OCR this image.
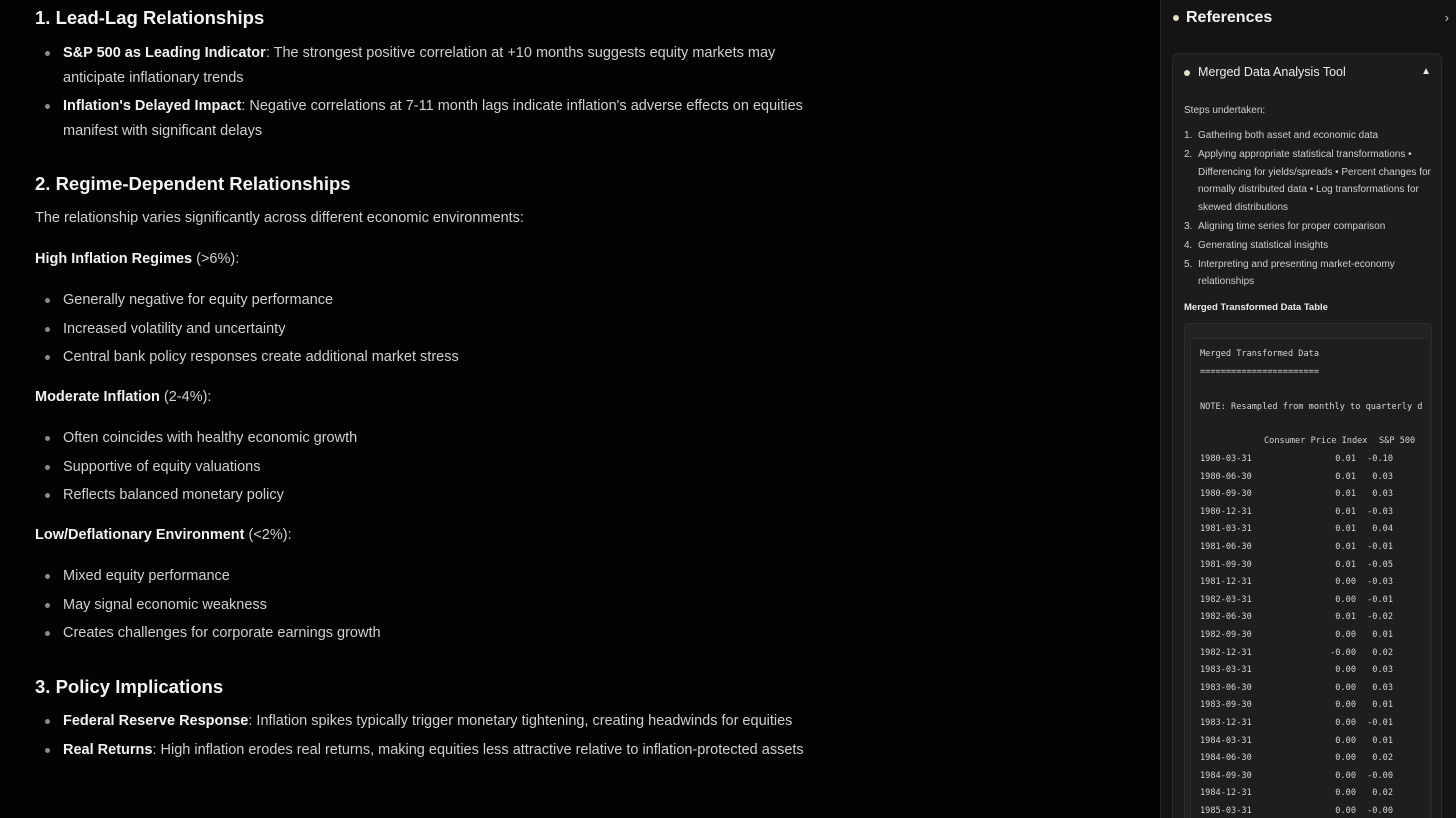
1. Lead-Lag Relationships
S&P 500 as Leading Indicator: The strongest positive correlation at +10 months suggests equity markets may anticipate inflationary trends
Inflation's Delayed Impact: Negative correlations at 7-11 month lags indicate inflation's adverse effects on equities manifest with significant delays
2. Regime-Dependent Relationships
The relationship varies significantly across different economic environments:
High Inflation Regimes (>6%):
Generally negative for equity performance
Increased volatility and uncertainty
Central bank policy responses create additional market stress
Moderate Inflation (2-4%):
Often coincides with healthy economic growth
Supportive of equity valuations
Reflects balanced monetary policy
Low/Deflationary Environment (<2%):
Mixed equity performance
May signal economic weakness
Creates challenges for corporate earnings growth
3. Policy Implications
Federal Reserve Response: Inflation spikes typically trigger monetary tightening, creating headwinds for equities
Real Returns: High inflation erodes real returns, making equities less attractive relative to inflation-protected assets
References	›
Merged Data Analysis Tool	▲
Steps undertaken:
1. Gathering both asset and economic data
2. Applying appropriate statistical transformations • Differencing for yields/spreads • Percent changes for normally distributed data • Log transformations for skewed distributions
3. Aligning time series for proper comparison
4. Generating statistical insights
5. Interpreting and presenting market-economy relationships
Merged Transformed Data Table
Merged Transformed Data
=======================
NOTE: Resampled from monthly to quarterly d
Consumer Price Index S&P 500
1980-03-31	0.01	-0.10
1980-06-30	0.01	0.03
1980-09-30	0.01	0.03
1980-12-31	0.01	-0.03
1981-03-31	0.01	0.04
1981-06-30	0.01	-0.01
1981-09-30	0.01	-0.05
1981-12-31	0.00	-0.03
1982-03-31	0.00	-0.01
1982-06-30	0.01	-0.02
1982-09-30	0.00	0.01
1982-12-31	-0.00	0.02
1983-03-31	0.00	0.03
1983-06-30	0.00	0.03
1983-09-30	0.00	0.01
1983-12-31	0.00	-0.01
1984-03-31	0.00	0.01
1984-06-30	0.00	0.02
1984-09-30	0.00	-0.00
1984-12-31	0.00	0.02
1985-03-31	0.00	-0.00
